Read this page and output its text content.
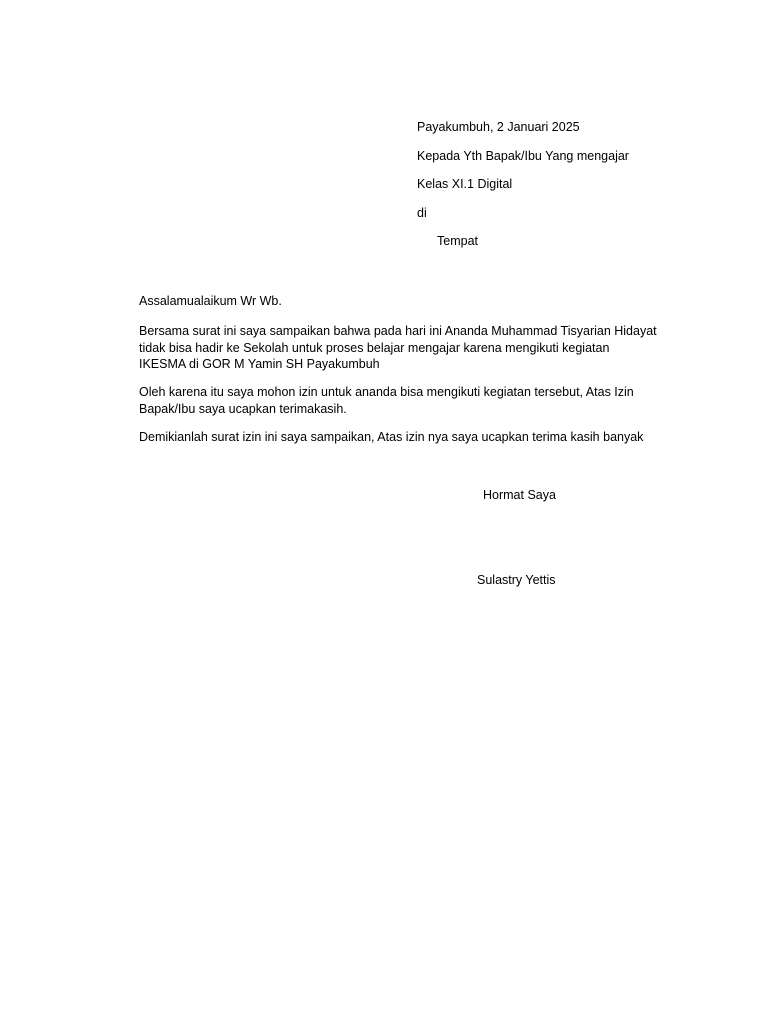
Payakumbuh, 2 Januari 2025

Kepada Yth Bapak/Ibu Yang mengajar

Kelas XI.1 Digital

di

Tempat

Assalamualaikum Wr Wb.

Bersama surat ini saya sampaikan bahwa pada hari ini Ananda Muhammad Tisyarian Hidayat
tidak bisa hadir ke Sekolah untuk proses belajar mengajar karena mengikuti kegiatan
IKESMA di GOR M Yamin SH Payakumbuh
Oleh karena itu saya mohon izin untuk ananda bisa mengikuti kegiatan tersebut, Atas Izin
Bapak/Ibu saya ucapkan terimakasih.
Demikianlah surat izin ini saya sampaikan, Atas izin nya saya ucapkan terima kasih banyak

Hormat Saya

Sulastry Yettis
